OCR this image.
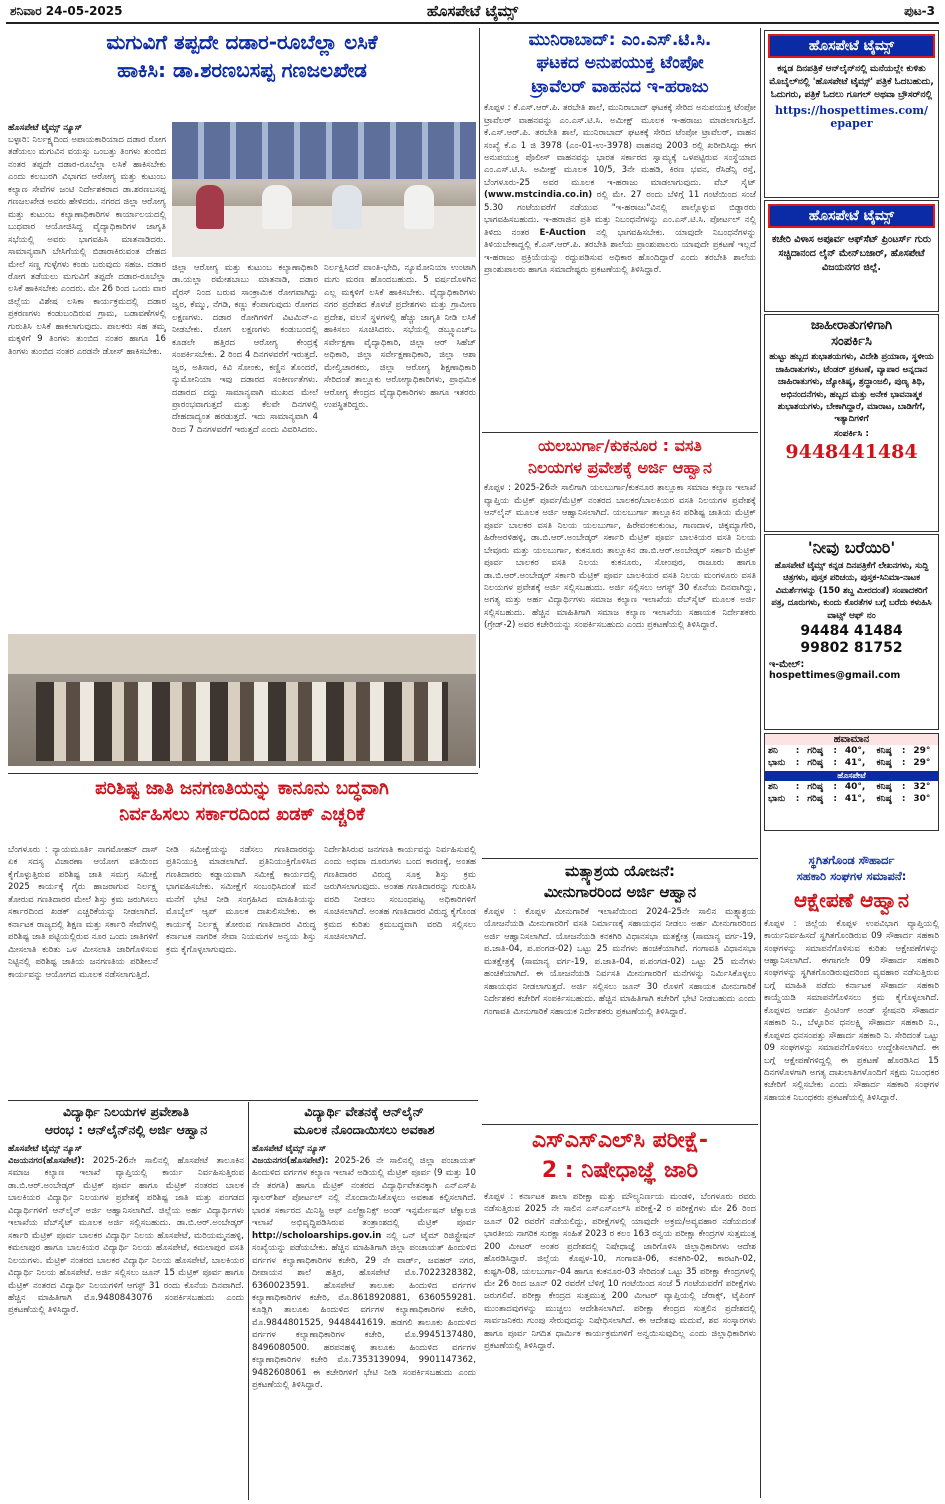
ಶನಿವಾರ 24-05-2025	ಹೊಸಪೇಟೆ ಟೈಮ್ಸ್	ಪುಟ-3
ಮಗುವಿಗೆ ತಪ್ಪದೇ ದಡಾರ-ರೂಬೆಲ್ಲಾ ಲಸಿಕೆ
ಹಾಕಿಸಿ: ಡಾ.ಶರಣಬಸಪ್ಪ ಗಣಜಲಖೇಡ
ಹೊಸಪೇಟೆ ಟೈಮ್ಸ್ ನ್ಯೂಸ್
ಬಳ್ಳಾರಿ: ನಿರ್ಲಕ್ಷ್ಯದಿಂದ ಅಪಾಯಕಾರಿಯಾದ ದಡಾರ ರೋಗ ತಡೆಯಲು ಮಗುವಿನ ವಯಸ್ಸು ಒಂಬತ್ತು ತಿಂಗಳು ತುಂಬಿದ ನಂತರ ತಪ್ಪದೇ ದಡಾರ-ರೂಬೆಲ್ಲಾ ಲಸಿಕೆ ಹಾಕಿಸಬೇಕು ಎಂದು ಕಲಬುರಗಿ ವಿಭಾಗದ ಆರೋಗ್ಯ ಮತ್ತು ಕುಟುಂಬ ಕಲ್ಯಾಣ ಸೇವೆಗಳ ಜಂಟಿ ನಿರ್ದೇಶಕರಾದ ಡಾ.ಶರಣಬಸಪ್ಪ ಗಣಜಲಖೇಡ ಅವರು ಹೇಳಿದರು. ನಗರದ ಜಿಲ್ಲಾ ಆರೋಗ್ಯ ಮತ್ತು ಕುಟುಂಬ ಕಲ್ಯಾಣಾಧಿಕಾರಿಗಳ ಕಾರ್ಯಾಲಯದಲ್ಲಿ ಬುಧವಾರ ಆಯೋಜಿಸಿದ್ದ ವೈದ್ಯಾಧಿಕಾರಿಗಳ ಜಾಗೃತಿ ಸಭೆಯಲ್ಲಿ ಅವರು ಭಾಗವಹಿಸಿ ಮಾತನಾಡಿದರು. ಸಾಮಾನ್ಯವಾಗಿ ಬೇಸಿಗೆಯಲ್ಲಿ ಬಿಡಾರಾಕಿರುವಂತ ದೇಹದ ಮೇಲೆ ಸಣ್ಣ ಗುಳ್ಳೆಗಳು ಕಂಡು ಬರುವುದು ಸಹಜ. ದಡಾರ ರೋಗ ತಡೆಯಲು ಮಗುವಿಗೆ ತಪ್ಪದೇ ದಡಾರ-ರೂಬೆಲ್ಲಾ ಲಸಿಕೆ ಹಾಕಿಸಬೇಕು ಎಂದರು. ಮೇ 26 ರಿಂದ ಒಂದು ವಾರ ಜಿಲ್ಲೆಯ ವಿಶೇಷ ಲಸಿಕಾ ಕಾರ್ಯಕ್ರಮದಲ್ಲಿ ದಡಾರ ಪ್ರಕರಣಗಳು ಕಂಡುಬಂದಿರುವ ಗ್ರಾಮ, ಬಡಾವಣೆಗಳಲ್ಲಿ ಗುರುತಿಸಿ ಲಸಿಕೆ ಹಾಕಲಾಗುವುದು. ಪಾಲಕರು ಸಹ ತಮ್ಮ ಮಕ್ಕಳಿಗೆ 9 ತಿಂಗಳು ತುಂಬಿದ ನಂತರ ಹಾಗೂ 16 ತಿಂಗಳು ತುಂಬಿದ ನಂತರ ಎರಡನೇ ಡೋಸ್ ಹಾಕಿಸಬೇಕು.
ಜಿಲ್ಲಾ ಆರೋಗ್ಯ ಮತ್ತು ಕುಟುಂಬ ಕಲ್ಯಾಣಾಧಿಕಾರಿ ಡಾ.ಯಲ್ಲಾ ರಮೇಶಬಾಬು ಮಾತನಾಡಿ, ದಡಾರ ವೈರಸ್ ನಿಂದ ಬರುವ ಸಾಂಕ್ರಾಮಿಕ ರೋಗವಾಗಿದ್ದು ಜ್ವರ, ಕೆಮ್ಮು, ನೆಗಡಿ, ಕಣ್ಣು ಕೆಂಪಾಗುವುದು ರೋಗದ ಲಕ್ಷಣಗಳು. ದಡಾರ ರೋಗಿಗಳಿಗೆ ವಿಟಮಿನ್-ಎ ನೀಡಬೇಕು. ರೋಗ ಲಕ್ಷಣಗಳು ಕಂಡುಬಂದಲ್ಲಿ ಕೂಡಲೇ ಹತ್ತಿರದ ಆರೋಗ್ಯ ಕೇಂದ್ರಕ್ಕೆ ಸಂಪರ್ಕಿಸಬೇಕು. 2 ರಿಂದ 4 ದಿನಗಳವರೆಗೆ ಇರುತ್ತದೆ. ಜ್ವರ, ಅತಿಸಾರ, ಕಿವಿ ಸೋಂಕು, ಕಣ್ಣಿನ ತೊಂದರೆ, ನ್ಯುಮೋನಿಯಾ ಇವು ದಡಾರದ ಸಂಕೀರ್ಣತೆಗಳು. ದಡಾರದ ದದ್ದು ಸಾಮಾನ್ಯವಾಗಿ ಮುಖದ ಮೇಲೆ ಪ್ರಾರಂಭವಾಗುತ್ತದೆ ಮತ್ತು ಕೆಲವೇ ದಿನಗಳಲ್ಲಿ ದೇಹದಾದ್ಯಂತ ಹರಡುತ್ತದೆ. ಇದು ಸಾಮಾನ್ಯವಾಗಿ 4 ರಿಂದ 7 ದಿನಗಳವರೆಗೆ ಇರುತ್ತದೆ ಎಂದು ವಿವರಿಸಿದರು.
ನಿರ್ಲಕ್ಷಿಸಿದರೆ ವಾಂತಿ-ಭೇದಿ, ನ್ಯೂಮೋನಿಯಾ ಉಂಟಾಗಿ ಮಗು ಮರಣ ಹೊಂದಬಹುದು. 5 ವರ್ಷದೊಳಗಿನ ಎಲ್ಲ ಮಕ್ಕಳಿಗೆ ಲಸಿಕೆ ಹಾಕಿಸಬೇಕು. ವೈದ್ಯಾಧಿಕಾರಿಗಳು ನಗರ ಪ್ರದೇಶದ ಕೊಳಚೆ ಪ್ರದೇಶಗಳು ಮತ್ತು ಗ್ರಾಮೀಣ ಪ್ರದೇಶ, ವಲಸೆ ಸ್ಥಳಗಳಲ್ಲಿ ಹೆಚ್ಚು ಜಾಗೃತಿ ನೀಡಿ ಲಸಿಕೆ ಹಾಕಿಸಲು ಸೂಚಿಸಿದರು. ಸಭೆಯಲ್ಲಿ ಡಬ್ಲ್ಯೂಎಚ್ಒ ಸರ್ವೇಕ್ಷಣಾ ವೈದ್ಯಾಧಿಕಾರಿ, ಜಿಲ್ಲಾ ಆರ್ ಸಿಹೆಚ್ ಅಧಿಕಾರಿ, ಜಿಲ್ಲಾ ಸರ್ವೇಕ್ಷಣಾಧಿಕಾರಿ, ಜಿಲ್ಲಾ ಆಶಾ ಮೇಲ್ವಿಚಾರಕರು, ಜಿಲ್ಲಾ ಆರೋಗ್ಯ ಶಿಕ್ಷಣಾಧಿಕಾರಿ ಸೇರಿದಂತೆ ತಾಲ್ಲೂಕು ಆರೋಗ್ಯಾಧಿಕಾರಿಗಳು, ಪ್ರಾಥಮಿಕ ಆರೋಗ್ಯ ಕೇಂದ್ರದ ವೈದ್ಯಾಧಿಕಾರಿಗಳು ಹಾಗೂ ಇತರರು ಉಪಸ್ಥಿತರಿದ್ದರು.
ಮುನಿರಾಬಾದ್: ಎಂ.ಎಸ್.ಟಿ.ಸಿ.
ಘಟಕದ ಅನುಪಯುಕ್ತ ಟೆಂಪೋ
ಟ್ರಾವೆಲರ್ ವಾಹನದ ಇ-ಹರಾಜು
ಕೊಪ್ಪಳ : ಕೆ.ಎಸ್.ಆರ್.ಪಿ. ತರಬೇತಿ ಶಾಲೆ, ಮುನಿರಾಬಾದ್ ಘಟಕಕ್ಕೆ ಸೇರಿದ ಅನುಪಯುಕ್ತ ಟೆಂಪೋ ಟ್ರಾವೆಲರ್ ವಾಹನವನ್ನು ಎಂ.ಎಸ್.ಟಿ.ಸಿ. ಅಮೀಕ್ಷ್ ಮೂಲಕ ಇ-ಹರಾಜು ಮಾಡಲಾಗುತ್ತಿದೆ. ಕೆ.ಎಸ್.ಆರ್.ಪಿ. ತರಬೇತಿ ಶಾಲೆ, ಮುನಿರಾಬಾದ್ ಘಟಕಕ್ಕೆ ಸೇರಿದ ಟೆಂಪೋ ಟ್ರಾವೆಲರ್, ವಾಹನ ಸಂಖ್ಯೆ ಕೆ.ಎ 1 ಜಿ 3978 (ಎಂ-01-ಉ-3978) ವಾಹನವು 2003 ರಲ್ಲಿ ಖರೀದಿಸಿದ್ದು ಈಗ ಅನುಪಯುಕ್ತ ಪೊಲೀಸ್ ವಾಹನವನ್ನು ಭಾರತ ಸರ್ಕಾರದ ಸ್ವಾಮ್ಯಕ್ಕೆ ಒಳಪಟ್ಟಿರುವ ಸಂಸ್ಥೆಯಾದ ಎಂ.ಎಸ್.ಟಿ.ಸಿ. ಅಮೀಕ್ಷ್ ಮೂಲಕ 10/5, 3ನೇ ಮಹಡಿ, ಕಿರಣ ಭವನ, ರೆಸಿಡೆನ್ಸಿ ರಸ್ತೆ, ಬೆಂಗಳೂರು-25 ಅವರ ಮೂಲಕ ಇ-ಹರಾಜು ಮಾಡಲಾಗುವುದು. ವೆಬ್ ಸೈಟ್ (www.mstcindia.co.in) ರಲ್ಲಿ ಮೇ. 27 ರಂದು ಬೆಳಿಗ್ಗೆ 11 ಗಂಟೆಯಿಂದ ಸಂಜೆ 5.30 ಗಂಟೆಯವರೆಗೆ ನಡೆಯುವ "ಇ-ಹರಾಜು"ವಿನಲ್ಲಿ ಪಾಲ್ಗೊಳ್ಳುವ ಬಿಡ್ದಾರರು ಭಾಗವಹಿಸಬಹುದು. ಇ-ಹರಾಜಿನ ಪ್ರತಿ ಮತ್ತು ನಿಬಂಧನೆಗಳನ್ನು ಎಂ.ಎಸ್.ಟಿ.ಸಿ. ಪೋರ್ಟಲ್ ನಲ್ಲಿ ತಿಳಿದು ನಂತರ E-Auction ನಲ್ಲಿ ಭಾಗವಹಿಸಬೇಕು. ಯಾವುದೇ ನಿಬಂಧನೆಗಳನ್ನು ತಿಳಿಯಬೇಕಾದ್ದಲ್ಲಿ ಕೆ.ಎಸ್.ಆರ್.ಪಿ. ತರಬೇತಿ ಶಾಲೆಯ ಪ್ರಾಂಶುಪಾಲರು ಯಾವುದೇ ಪ್ರಕಟಣೆ ಇಲ್ಲದೆ ಇ-ಹರಾಜು ಪ್ರಕ್ರಿಯೆಯನ್ನು ರದ್ದುಪಡಿಸುವ ಅಧಿಕಾರ ಹೊಂದಿದ್ದಾರೆ ಎಂದು ತರಬೇತಿ ಶಾಲೆಯ ಪ್ರಾಂಶುಪಾಲರು ಹಾಗೂ ಸಮಾದೇಷ್ಟರು ಪ್ರಕಟಣೆಯಲ್ಲಿ ತಿಳಿಸಿದ್ದಾರೆ.
ಯಲಬುರ್ಗಾ/ಕುಕನೂರ : ವಸತಿ
ನಿಲಯಗಳ ಪ್ರವೇಶಕ್ಕೆ ಅರ್ಜಿ ಆಹ್ವಾನ
ಕೊಪ್ಪಳ : 2025-26ನೇ ಸಾಲಿಗಾಗಿ ಯಲಬುರ್ಗಾ/ಕುಕನೂರ ತಾಲ್ಲೂಕಾ ಸಮಾಜ ಕಲ್ಯಾಣ ಇಲಾಖೆ ವ್ಯಾಪ್ತಿಯ ಮೆಟ್ರಿಕ್ ಪೂರ್ವ/ಮೆಟ್ರಿಕ್ ನಂತರದ ಬಾಲಕರ/ಬಾಲಕಿಯರ ವಸತಿ ನಿಲಯಗಳ ಪ್ರವೇಶಕ್ಕೆ ಆನ್‌ಲೈನ್ ಮೂಲಕ ಅರ್ಜಿ ಆಹ್ವಾನಿಸಲಾಗಿದೆ. ಯಲಬುರ್ಗಾ ತಾಲ್ಲೂಕಿನ ಪರಿಶಿಷ್ಟ ಜಾತಿಯ ಮೆಟ್ರಿಕ್ ಪೂರ್ವ ಬಾಲಕರ ವಸತಿ ನಿಲಯ ಯಲಬುರ್ಗಾ, ಹಿರೇವಂಕಲಕುಂಟ, ಗಾಣದಾಳ, ಚಿಕ್ಕಮ್ಯಾಗೇರಿ, ಹಿರೇಅರಳಿಹಳ್ಳಿ, ಡಾ.ಬಿ.ಆರ್.ಅಂಬೇಡ್ಕರ್ ಸರ್ಕಾರಿ ಮೆಟ್ರಿಕ್ ಪೂರ್ವ ಬಾಲಕಿಯರ ವಸತಿ ನಿಲಯ ಬೇವೂರು ಮತ್ತು ಯಲಬುರ್ಗಾ, ಕುಕನೂರು ತಾಲ್ಲೂಕಿನ ಡಾ.ಬಿ.ಆರ್.ಅಂಬೇಡ್ಕರ್ ಸರ್ಕಾರಿ ಮೆಟ್ರಿಕ್ ಪೂರ್ವ ಬಾಲಕರ ವಸತಿ ನಿಲಯ ಕುಕನೂರು, ಸೋಂಪುರ, ರಾಜೂರು ಹಾಗೂ ಡಾ.ಬಿ.ಆರ್.ಅಂಬೇಡ್ಕರ್ ಸರ್ಕಾರಿ ಮೆಟ್ರಿಕ್ ಪೂರ್ವ ಬಾಲಕಿಯರ ವಸತಿ ನಿಲಯ ಮಂಗಳೂರು ವಸತಿ ನಿಲಯಗಳ ಪ್ರವೇಶಕ್ಕೆ ಅರ್ಜಿ ಸಲ್ಲಿಸಬಹುದು. ಅರ್ಜಿ ಸಲ್ಲಿಸಲು ಆಗಸ್ಟ್ 30 ಕೊನೆಯ ದಿನವಾಗಿದ್ದು, ಅಗತ್ಯ ಮತ್ತು ಅರ್ಹ ವಿದ್ಯಾರ್ಥಿಗಳು ಸಮಾಜ ಕಲ್ಯಾಣ ಇಲಾಖೆಯ ವೆಬ್‌ಸೈಟ್ ಮೂಲಕ ಅರ್ಜಿ ಸಲ್ಲಿಸಬಹುದು. ಹೆಚ್ಚಿನ ಮಾಹಿತಿಗಾಗಿ ಸಮಾಜ ಕಲ್ಯಾಣ ಇಲಾಖೆಯ ಸಹಾಯಕ ನಿರ್ದೇಶಕರು (ಗ್ರೇಡ್-2) ಅವರ ಕಚೇರಿಯನ್ನು ಸಂಪರ್ಕಿಸಬಹುದು ಎಂದು ಪ್ರಕಟಣೆಯಲ್ಲಿ ತಿಳಿಸಿದ್ದಾರೆ.
ಮತ್ಸ್ಯಾಶ್ರಯ ಯೋಜನೆ:
ಮೀನುಗಾರರಿಂದ ಅರ್ಜಿ ಆಹ್ವಾನ
ಕೊಪ್ಪಳ : ಕೊಪ್ಪಳ ಮೀನುಗಾರಿಕೆ ಇಲಾಖೆಯಿಂದ 2024-25ನೇ ಸಾಲಿನ ಮತ್ಸ್ಯಾಶ್ರಯ ಯೋಜನೆಯಡಿ ಮೀನುಗಾರರಿಗೆ ವಸತಿ ನಿರ್ಮಾಣಕ್ಕೆ ಸಹಾಯಧನ ನೀಡಲು ಅರ್ಹ ಮೀನುಗಾರರಿಂದ ಅರ್ಜಿ ಆಹ್ವಾನಿಸಲಾಗಿದೆ. ಯೋಜನೆಯಡಿ ಕನಕಗಿರಿ ವಿಧಾನಸಭಾ ಮತಕ್ಷೇತ್ರ (ಸಾಮಾನ್ಯ ವರ್ಗ-19, ಪ.ಜಾತಿ-04, ಪ.ಪಂಗಡ-02) ಒಟ್ಟು 25 ಮನೆಗಳು ಹಂಚಿಕೆಯಾಗಿವೆ. ಗಂಗಾವತಿ ವಿಧಾನಸಭಾ ಮತಕ್ಷೇತ್ರಕ್ಕೆ (ಸಾಮಾನ್ಯ ವರ್ಗ-19, ಪ.ಜಾತಿ-04, ಪ.ಪಂಗಡ-02) ಒಟ್ಟು 25 ಮನೆಗಳು ಹಂಚಿಕೆಯಾಗಿದೆ. ಈ ಯೋಜನೆಯಡಿ ನಿರ್ವಸತಿ ಮೀನುಗಾರರಿಗೆ ಮನೆಗಳನ್ನು ನಿರ್ಮಿಸಿಕೊಳ್ಳಲು ಸಹಾಯಧನ ನೀಡಲಾಗುತ್ತದೆ. ಅರ್ಜಿ ಸಲ್ಲಿಸಲು ಜೂನ್ 30 ರೊಳಗೆ ಸಹಾಯಕ ಮೀನುಗಾರಿಕೆ ನಿರ್ದೇಶಕರ ಕಚೇರಿಗೆ ಸಂಪರ್ಕಿಸಬಹುದು. ಹೆಚ್ಚಿನ ಮಾಹಿತಿಗಾಗಿ ಕಚೇರಿಗೆ ಭೇಟಿ ನೀಡಬಹುದು ಎಂದು ಗಂಗಾವತಿ ಮೀನುಗಾರಿಕೆ ಸಹಾಯಕ ನಿರ್ದೇಶಕರು ಪ್ರಕಟಣೆಯಲ್ಲಿ ತಿಳಿಸಿದ್ದಾರೆ.
ಎಸ್‌ಎಸ್‌ಎಲ್‌ಸಿ ಪರೀಕ್ಷೆ-
2 : ನಿಷೇಧಾಜ್ಞೆ ಜಾರಿ
ಕೊಪ್ಪಳ : ಕರ್ನಾಟಕ ಶಾಲಾ ಪರೀಕ್ಷಾ ಮತ್ತು ಮೌಲ್ಯನಿರ್ಣಯ ಮಂಡಳಿ, ಬೆಂಗಳೂರು ರವರು ನಡೆಸುತ್ತಿರುವ 2025 ನೇ ಸಾಲಿನ ಎಸ್‌ಎಸ್‌ಎಲ್‌ಸಿ ಪರೀಕ್ಷೆ-2 ರ ಪರೀಕ್ಷೆಗಳು ಮೇ 26 ರಿಂದ ಜೂನ್ 02 ರವರೆಗೆ ನಡೆಯಲಿದ್ದು, ಪರೀಕ್ಷೆಗಳಲ್ಲಿ ಯಾವುದೇ ಅಕ್ರಮ/ಅವ್ಯವಹಾರ ನಡೆಯದಂತೆ ಭಾರತೀಯ ನಾಗರಿಕ ಸುರಕ್ಷಾ ಸಂಹಿತೆ 2023 ರ ಕಲಂ 163 ರನ್ವಯ ಪರೀಕ್ಷಾ ಕೇಂದ್ರಗಳ ಸುತ್ತಮುತ್ತ 200 ಮೀಟರ್ ಅಂತರ ಪ್ರದೇಶದಲ್ಲಿ ನಿಷೇಧಾಜ್ಞೆ ಜಾರಿಗೊಳಿಸಿ ಜಿಲ್ಲಾಧಿಕಾರಿಗಳು ಆದೇಶ ಹೊರಡಿಸಿದ್ದಾರೆ. ಜಿಲ್ಲೆಯ ಕೊಪ್ಪಳ-10, ಗಂಗಾವತಿ-06, ಕನಕಗಿರಿ-02, ಕಾರಟಗಿ-02, ಕುಷ್ಟಗಿ-08, ಯಲಬುರ್ಗಾ-04 ಹಾಗೂ ಕುಕನೂರ-03 ಸೇರಿದಂತೆ ಒಟ್ಟು 35 ಪರೀಕ್ಷಾ ಕೇಂದ್ರಗಳಲ್ಲಿ ಮೇ 26 ರಿಂದ ಜೂನ್ 02 ರವರೆಗೆ ಬೆಳಿಗ್ಗೆ 10 ಗಂಟೆಯಿಂದ ಸಂಜೆ 5 ಗಂಟೆಯವರೆಗೆ ಪರೀಕ್ಷೆಗಳು ಜರುಗಲಿವೆ. ಪರೀಕ್ಷಾ ಕೇಂದ್ರದ ಸುತ್ತಮುತ್ತ 200 ಮೀಟರ್ ವ್ಯಾಪ್ತಿಯಲ್ಲಿ ಜೆರಾಕ್ಸ್, ಟೈಪಿಂಗ್ ಮುಂತಾದವುಗಳನ್ನು ಮುಚ್ಚಲು ಆದೇಶಿಸಲಾಗಿದೆ. ಪರೀಕ್ಷಾ ಕೇಂದ್ರದ ಸುತ್ತಲಿನ ಪ್ರದೇಶದಲ್ಲಿ ಸಾರ್ವಜನಿಕರು ಗುಂಪು ಸೇರುವುದನ್ನು ನಿಷೇಧಿಸಲಾಗಿದೆ. ಈ ಆದೇಶವು ಮದುವೆ, ಶವ ಸಂಸ್ಕಾರಗಳು ಹಾಗೂ ಪೂರ್ವ ನಿಗದಿತ ಧಾರ್ಮಿಕ ಕಾರ್ಯಕ್ರಮಗಳಿಗೆ ಅನ್ವಯಿಸುವುದಿಲ್ಲ ಎಂದು ಜಿಲ್ಲಾಧಿಕಾರಿಗಳು ಪ್ರಕಟಣೆಯಲ್ಲಿ ತಿಳಿಸಿದ್ದಾರೆ.
ಪರಿಶಿಷ್ಟ ಜಾತಿ ಜನಗಣತಿಯನ್ನು ಕಾನೂನು ಬದ್ಧವಾಗಿ
ನಿರ್ವಹಿಸಲು ಸರ್ಕಾರದಿಂದ ಖಡಕ್ ಎಚ್ಚರಿಕೆ
ಬೆಂಗಳೂರು : ನ್ಯಾಯಮೂರ್ತಿ ನಾಗಮೋಹನ್ ದಾಸ್ ಏಕ ಸದಸ್ಯ ವಿಚಾರಣಾ ಆಯೋಗ ವತಿಯಿಂದ ಕೈಗೊಳ್ಳುತ್ತಿರುವ ಪರಿಶಿಷ್ಟ ಜಾತಿ ಸಮಗ್ರ ಸಮೀಕ್ಷೆ 2025 ಕಾರ್ಯಕ್ಕೆ ಗೈರು ಹಾಜರಾಗುವ ನಿರ್ಲಕ್ಷ್ಯ ತೋರುವ ಗಣತಿದಾರರ ಮೇಲೆ ಶಿಸ್ತು ಕ್ರಮ ಜರುಗಿಸಲು ಸರ್ಕಾರದಿಂದ ಖಡಕ್ ಎಚ್ಚರಿಕೆಯನ್ನು ನೀಡಲಾಗಿದೆ. ಕರ್ನಾಟಕ ರಾಜ್ಯದಲ್ಲಿ ಶಿಕ್ಷಣ ಮತ್ತು ಸರ್ಕಾರಿ ಸೇವೆಗಳಲ್ಲಿ ಪರಿಶಿಷ್ಟ ಜಾತಿ ಪಟ್ಟಿಯಲ್ಲಿರುವ ನೂರ ಒಂದು ಜಾತಿಗಳಿಗೆ ಮೀಸಲಾತಿ ಕುರಿತು ಒಳ ಮೀಸಲಾತಿ ಜಾರಿಗೊಳಿಸುವ ನಿಟ್ಟಿನಲ್ಲಿ ಪರಿಶಿಷ್ಟ ಜಾತಿಯ ಜನಗಣತಿಯ ಪರಿಶೀಲನೆ ಕಾರ್ಯವನ್ನು ಆಯೋಗದ ಮೂಲಕ ನಡೆಸಲಾಗುತ್ತಿದೆ.
ನೀಡಿ ಸಮೀಕ್ಷೆಯನ್ನು ನಡೆಸಲು ಗಣತಿದಾರರನ್ನು ಪ್ರತಿನಿಯುಕ್ತಿ ಮಾಡಲಾಗಿದೆ. ಪ್ರತಿನಿಯುಕ್ತಿಗೊಳಿಸಿದ ಗಣತಿದಾರರು ಕಡ್ಡಾಯವಾಗಿ ಸಮೀಕ್ಷೆ ಕಾರ್ಯದಲ್ಲಿ ಭಾಗವಹಿಸಬೇಕು. ಸಮೀಕ್ಷೆಗೆ ಸಂಬಂಧಿಸಿದಂತೆ ಮನೆ ಮನೆಗೆ ಭೇಟಿ ನೀಡಿ ಸಂಗ್ರಹಿಸಿದ ಮಾಹಿತಿಯನ್ನು ಮೊಬೈಲ್ ಆ್ಯಪ್ ಮೂಲಕ ದಾಖಲಿಸಬೇಕು. ಈ ಕಾರ್ಯಕ್ಕೆ ನಿರ್ಲಕ್ಷ್ಯ ತೋರುವ ಗಣತಿದಾರರ ವಿರುದ್ಧ ಕರ್ನಾಟಕ ನಾಗರಿಕ ಸೇವಾ ನಿಯಮಗಳ ಅನ್ವಯ ಶಿಸ್ತು ಕ್ರಮ ಕೈಗೊಳ್ಳಲಾಗುವುದು.
ನಿರ್ದೇಶಿಸಿರುವ ಜನಗಣತಿ ಕಾರ್ಯವನ್ನು ನಿರ್ವಹಿಸುವಲ್ಲಿ ಎಂದು ಅಥವಾ ದೂರುಗಳು ಬಂದ ಕಾರಣಕ್ಕೆ, ಅಂತಹ ಗಣತಿದಾರರ ವಿರುದ್ಧ ಸೂಕ್ತ ಶಿಸ್ತು ಕ್ರಮ ಜರುಗಿಸಲಾಗುವುದು. ಅಂತಹ ಗಣತಿದಾರರನ್ನು ಗುರುತಿಸಿ ವರದಿ ನೀಡಲು ಸಂಬಂಧಪಟ್ಟ ಅಧಿಕಾರಿಗಳಿಗೆ ಸೂಚಿಸಲಾಗಿದೆ. ಅಂತಹ ಗಣತಿದಾರರ ವಿರುದ್ಧ ಕೈಗೊಂಡ ಕ್ರಮದ ಕುರಿತು ಕ್ರಮಬದ್ಧವಾಗಿ ವರದಿ ಸಲ್ಲಿಸಲು ಸೂಚಿಸಲಾಗಿದೆ.
ವಿದ್ಯಾರ್ಥಿ ನಿಲಯಗಳ ಪ್ರವೇಶಾತಿ
ಆರಂಭ : ಆನ್‌ಲೈನ್‌ನಲ್ಲಿ ಅರ್ಜಿ ಆಹ್ವಾನ
ಹೊಸಪೇಟೆ ಟೈಮ್ಸ್ ನ್ಯೂಸ್
ವಿಜಯನಗರ(ಹೊಸಪೇಟೆ): 2025-26ನೇ ಸಾಲಿನಲ್ಲಿ ಹೊಸಪೇಟೆ ತಾಲೂಕಿನ ಸಮಾಜ ಕಲ್ಯಾಣ ಇಲಾಖೆ ವ್ಯಾಪ್ತಿಯಲ್ಲಿ ಕಾರ್ಯ ನಿರ್ವಹಿಸುತ್ತಿರುವ ಡಾ.ಬಿ.ಆರ್.ಅಂಬೇಡ್ಕರ್ ಮೆಟ್ರಿಕ್ ಪೂರ್ವ ಹಾಗೂ ಮೆಟ್ರಿಕ್ ನಂತರದ ಬಾಲಕ ಬಾಲಕಿಯರ ವಿದ್ಯಾರ್ಥಿ ನಿಲಯಗಳ ಪ್ರವೇಶಕ್ಕೆ ಪರಿಶಿಷ್ಟ ಜಾತಿ ಮತ್ತು ಪಂಗಡದ ವಿದ್ಯಾರ್ಥಿಗಳಿಗೆ ಆನ್‌ಲೈನ್ ಅರ್ಜಿ ಆಹ್ವಾನಿಸಲಾಗಿದೆ. ಜಿಲ್ಲೆಯ ಅರ್ಹ ವಿದ್ಯಾರ್ಥಿಗಳು ಇಲಾಖೆಯ ವೆಬ್‌ಸೈಟ್ ಮೂಲಕ ಅರ್ಜಿ ಸಲ್ಲಿಸಬಹುದು. ಡಾ.ಬಿ.ಆರ್.ಅಂಬೇಡ್ಕರ್ ಸರ್ಕಾರಿ ಮೆಟ್ರಿಕ್ ಪೂರ್ವ ಬಾಲಕರ ವಿದ್ಯಾರ್ಥಿ ನಿಲಯ ಹೊಸಪೇಟೆ, ಮರಿಯಮ್ಮನಹಳ್ಳಿ, ಕಮಲಾಪುರ ಹಾಗೂ ಬಾಲಕಿಯರ ವಿದ್ಯಾರ್ಥಿ ನಿಲಯ ಹೊಸಪೇಟೆ, ಕಮಲಾಪುರ ವಸತಿ ನಿಲಯಗಳು. ಮೆಟ್ರಿಕ್ ನಂತರದ ಬಾಲಕರ ವಿದ್ಯಾರ್ಥಿ ನಿಲಯ ಹೊಸಪೇಟೆ, ಬಾಲಕಿಯರ ವಿದ್ಯಾರ್ಥಿ ನಿಲಯ ಹೊಸಪೇಟೆ. ಅರ್ಜಿ ಸಲ್ಲಿಸಲು ಜೂನ್ 15 ಮೆಟ್ರಿಕ್ ಪೂರ್ವ ಹಾಗೂ ಮೆಟ್ರಿಕ್ ನಂತರದ ವಿದ್ಯಾರ್ಥಿ ನಿಲಯಗಳಿಗೆ ಆಗಸ್ಟ್ 31 ರಂದು ಕೊನೆಯ ದಿನವಾಗಿದೆ. ಹೆಚ್ಚಿನ ಮಾಹಿತಿಗಾಗಿ ಮೊ.9480843076 ಸಂಪರ್ಕಿಸಬಹುದು ಎಂದು ಪ್ರಕಟಣೆಯಲ್ಲಿ ತಿಳಿಸಿದ್ದಾರೆ.
ವಿದ್ಯಾರ್ಥಿ ವೇತನಕ್ಕೆ ಆನ್‌ಲೈನ್
ಮೂಲಕ ನೊಂದಾಯಿಸಲು ಅವಕಾಶ
ಹೊಸಪೇಟೆ ಟೈಮ್ಸ್ ನ್ಯೂಸ್
ವಿಜಯನಗರ(ಹೊಸಪೇಟೆ): 2025-26 ನೇ ಸಾಲಿನಲ್ಲಿ ಜಿಲ್ಲಾ ಪಂಚಾಯತ್ ಹಿಂದುಳಿದ ವರ್ಗಗಳ ಕಲ್ಯಾಣ ಇಲಾಖೆ ಅಡಿಯಲ್ಲಿ ಮೆಟ್ರಿಕ್ ಪೂರ್ವ (9 ಮತ್ತು 10 ನೇ ತರಗತಿ) ಹಾಗೂ ಮೆಟ್ರಿಕ್ ನಂತರದ ವಿದ್ಯಾರ್ಥಿವೇತನಕ್ಕಾಗಿ ಎನ್‌ಎಸ್‌ಪಿ ಸ್ಕಾಲರ್‌ಶಿಪ್ ಪೋರ್ಟಲ್ ನಲ್ಲಿ ನೊಂದಾಯಿಸಿಕೊಳ್ಳಲು ಅವಕಾಶ ಕಲ್ಪಿಸಲಾಗಿದೆ. ಭಾರತ ಸರ್ಕಾರದ ಮಿನಿಸ್ಟ್ರಿ ಆಫ್ ಎಲೆಕ್ಟ್ರಾನಿಕ್ಸ್ ಅಂಡ್ ಇನ್ಫರ್ಮೇಷನ್ ಟೆಕ್ನಾಲಜಿ ಇಲಾಖೆ ಅಭಿವೃದ್ಧಿಪಡಿಸಿರುವ ತಂತ್ರಾಂಶದಲ್ಲಿ ಮೆಟ್ರಿಕ್ ಪೂರ್ವ http://scholoarships.gov.in ನಲ್ಲಿ ಒನ್ ಟೈಮ್ ರಿಜಿಸ್ಟ್ರೇಷನ್ ಸಂಖ್ಯೆಯನ್ನು ಪಡೆಯಬೇಕು. ಹೆಚ್ಚಿನ ಮಾಹಿತಿಗಾಗಿ ಜಿಲ್ಲಾ ಪಂಚಾಯತ್ ಹಿಂದುಳಿದ ವರ್ಗಗಳ ಕಲ್ಯಾಣಾಧಿಕಾರಿಗಳ ಕಚೇರಿ, 29 ನೇ ವಾರ್ಡ್, ಜವಹರ್ ನಗರ, ದೀಪಾಯನ ಶಾಲೆ ಹತ್ತಿರ, ಹೊಸಪೇಟೆ ಮೊ.7022328382, 6360023591. ಹೊಸಪೇಟೆ ತಾಲೂಕು ಹಿಂದುಳಿದ ವರ್ಗಗಳ ಕಲ್ಯಾಣಾಧಿಕಾರಿಗಳ ಕಚೇರಿ, ಮೊ.8618920881, 6360559281. ಕೂಡ್ಲಿಗಿ ತಾಲೂಕು ಹಿಂದುಳಿದ ವರ್ಗಗಳ ಕಲ್ಯಾಣಾಧಿಕಾರಿಗಳ ಕಚೇರಿ, ಮೊ.9844801525, 9448441619. ಹಡಗಲಿ ತಾಲೂಕು ಹಿಂದುಳಿದ ವರ್ಗಗಳ ಕಲ್ಯಾಣಾಧಿಕಾರಿಗಳ ಕಚೇರಿ, ಮೊ.9945137480, 8496080500. ಹರಪನಹಳ್ಳಿ ತಾಲೂಕು ಹಿಂದುಳಿದ ವರ್ಗಗಳ ಕಲ್ಯಾಣಾಧಿಕಾರಿಗಳ ಕಚೇರಿ ಮೊ.7353139094, 9901147362, 9482608061 ಈ ಕಚೇರಿಗಳಿಗೆ ಭೇಟಿ ನೀಡಿ ಸಂಪರ್ಕಿಸಬಹುದು ಎಂದು ಪ್ರಕಟಣೆಯಲ್ಲಿ ತಿಳಿಸಿದ್ದಾರೆ.
ಹೊಸಪೇಟೆ ಟೈಮ್ಸ್
ಕನ್ನಡ ದಿನಪತ್ರಿಕೆ ಆನ್‌ಲೈನ್‌ನಲ್ಲಿ ಮನೆಯಲ್ಲೇ ಕುಳಿತು ಮೊಬೈಲ್‌ನಲ್ಲಿ 'ಹೊಸಪೇಟೆ ಟೈಮ್ಸ್' ಪತ್ರಿಕೆ ಓದಬಹುದು, ಓದುಗರು, ಪತ್ರಿಕೆ ಓದಲು ಗೂಗಲ್ ಅಥವಾ ಬ್ರೌಸರ್‌ನಲ್ಲಿ
https://hospettimes.com/
epaper
ಹೊಸಪೇಟೆ ಟೈಮ್ಸ್
ಕಚೇರಿ ವಿಳಾಸ ಅಪೂರ್ವ ಆಫ್‌ಸೆಟ್ ಪ್ರಿಂಟರ್ಸ್ ಗುರು ಸಚ್ಚಿದಾನಂದ ಲೈನ್ ಮೇನ್‌ಬಜಾರ್, ಹೊಸಪೇಟೆ ವಿಜಯನಗರ ಜಿಲ್ಲೆ.
ಜಾಹೀರಾತುಗಳಿಗಾಗಿ
ಸಂಪರ್ಕಿಸಿ
ಹುಟ್ಟು ಹಬ್ಬದ ಶುಭಾಶಯಗಳು, ವಿದೇಶಿ ಪ್ರಯಾಣ, ಸ್ಥಳೀಯ ಜಾಹಿರಾತುಗಳು, ಟೆಂಡರ್ ಪ್ರಕಟಣೆ, ವ್ಯಾಪಾರ ಅನ್ನದಾನ ಜಾಹಿರಾತುಗಳು, ಜ್ಯೋತಿಷ್ಯ, ಶ್ರದ್ಧಾಂಜಲಿ, ಪುಣ್ಯ ತಿಥಿ, ಅಭಿನಂದನೆಗಳು, ಹಬ್ಬದ ಮತ್ತು ಅನೇಕ ಭಾವನಾತ್ಮಕ ಶುಭಾಶಯಗಳು, ಬೇಕಾಗಿದ್ದಾರೆ, ಮಾರಾಟ, ಬಾಡಿಗೆಗೆ, ಇತ್ಯಾದಿಗಳಿಗೆ
ಸಂಪರ್ಕಿಸಿ :
9448441484
'ನೀವು ಬರೆಯಿರಿ'
ಹೊಸಪೇಟೆ ಟೈಮ್ಸ್ ಕನ್ನಡ ದಿನಪತ್ರಿಕೆಗೆ ಲೇಖನಗಳು, ಸುದ್ದಿ ಚಿತ್ರಗಳು, ಪುಸ್ತಕ ಪರಿಚಯ, ಪುಸ್ತಕ-ಸಿನಿಮಾ-ನಾಟಕ ವಿಮರ್ಶೆಗಳನ್ನು (150 ಶಬ್ದ ಮೀರದಂತೆ) ಸಂಪಾದಕರಿಗೆ ಪತ್ರ, ದೂರುಗಳು, ಕುಂದು ಕೊರತೆಗಳ ಬಗ್ಗೆ ಬರೆದು ಕಳುಹಿಸಿ
ವಾಟ್ಸ್ ಆಫ್ ನಂ
94484 41484
99802 81752
ಇ-ಮೇಲ್: hospettimes@gmail.com
ಹವಾಮಾನ
ಶನಿ	:	ಗರಿಷ್ಠ	:	40°,	ಕನಿಷ್ಠ	:	29°
ಭಾನು	:	ಗರಿಷ್ಠ	:	41°,	ಕನಿಷ್ಠ	:	29°
ಹೊಸಪೇಟೆ
ಶನಿ	:	ಗರಿಷ್ಠ	:	40°,	ಕನಿಷ್ಠ	:	32°
ಭಾನು	:	ಗರಿಷ್ಠ	:	41°,	ಕನಿಷ್ಠ	:	30°
ಸ್ಥಗಿತಗೊಂಡ ಸೌಹಾರ್ದ
ಸಹಕಾರಿ ಸಂಘಗಳ ಸಮಾಪನೆ:
ಆಕ್ಷೇಪಣೆ ಆಹ್ವಾನ
ಕೊಪ್ಪಳ : ಜಿಲ್ಲೆಯ ಕೊಪ್ಪಳ ಉಪವಿಭಾಗ ವ್ಯಾಪ್ತಿಯಲ್ಲಿ ಕಾರ್ಯನಿರ್ವಹಿಸದೆ ಸ್ಥಗಿತಗೊಂಡಿರುವ 09 ಸೌಹಾರ್ದ ಸಹಕಾರಿ ಸಂಘಗಳನ್ನು ಸಮಾಪನೆಗೊಳಿಸುವ ಕುರಿತು ಆಕ್ಷೇಪಣೆಗಳನ್ನು ಆಹ್ವಾನಿಸಲಾಗಿದೆ. ಈಗಾಗಲೇ 09 ಸೌಹಾರ್ದ ಸಹಕಾರಿ ಸಂಘಗಳನ್ನು ಸ್ಥಗಿತಗೊಂಡಿರುವುದರಿಂದ ವ್ಯವಹಾರ ನಡೆಸುತ್ತಿರುವ ಬಗ್ಗೆ ಮಾಹಿತಿ ಪಡೆದು ಕರ್ನಾಟಕ ಸೌಹಾರ್ದ ಸಹಕಾರಿ ಕಾಯ್ದೆಯಡಿ ಸಮಾಪನೆಗೊಳಿಸಲು ಕ್ರಮ ಕೈಗೊಳ್ಳಲಾಗಿದೆ. ಕೊಪ್ಪಳದ ಆದರ್ಶ ಪ್ರಿಂಟಿಂಗ್ ಅಂಡ್ ಸ್ಟೇಷನರಿ ಸೌಹಾರ್ದ ಸಹಕಾರಿ ನಿ., ಬೆಳ್ಳೂರಿನ ಧನಲಕ್ಷ್ಮಿ ಸೌಹಾರ್ದ ಸಹಕಾರಿ ನಿ., ಕೊಪ್ಪಳದ ಧನಸಂಪತ್ತು ಸೌಹಾರ್ದ ಸಹಕಾರಿ ನಿ. ಸೇರಿದಂತೆ ಒಟ್ಟು 09 ಸಂಘಗಳನ್ನು ಸಮಾಪನೆಗೊಳಿಸಲು ಉದ್ದೇಶಿಸಲಾಗಿದೆ. ಈ ಬಗ್ಗೆ ಆಕ್ಷೇಪಣೆಗಳಿದ್ದಲ್ಲಿ ಈ ಪ್ರಕಟಣೆ ಹೊರಡಿಸಿದ 15 ದಿನಗಳೊಳಗಾಗಿ ಅಗತ್ಯ ದಾಖಲಾತಿಗಳೊಂದಿಗೆ ಸಕ್ಷಮ ನಿಬಂಧಕರ ಕಚೇರಿಗೆ ಸಲ್ಲಿಸಬೇಕು ಎಂದು ಸೌಹಾರ್ದ ಸಹಕಾರಿ ಸಂಘಗಳ ಸಹಾಯಕ ನಿಬಂಧಕರು ಪ್ರಕಟಣೆಯಲ್ಲಿ ತಿಳಿಸಿದ್ದಾರೆ.
